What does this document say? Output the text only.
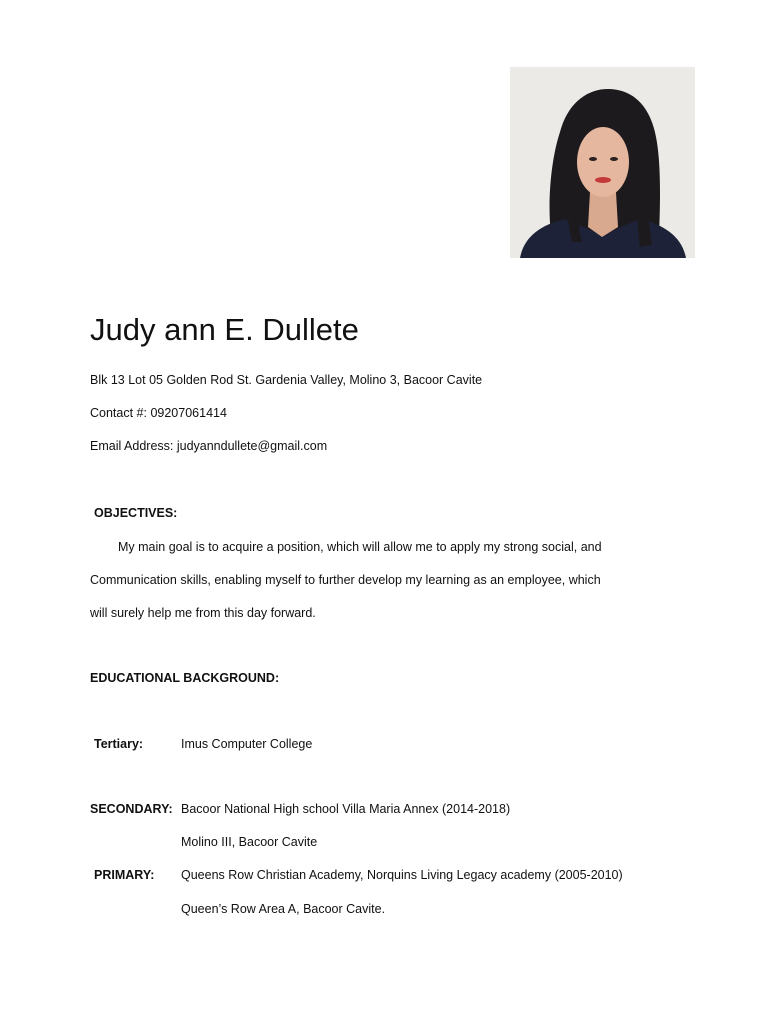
Judy ann E. Dullete
Blk 13 Lot 05 Golden Rod St. Gardenia Valley, Molino 3, Bacoor Cavite
Contact #: 09207061414
Email Address: judyanndullete@gmail.com
OBJECTIVES:
My main goal is to acquire a position, which will allow me to apply my strong social, and
Communication skills, enabling myself to further develop my learning as an employee, which
will surely help me from this day forward.
EDUCATIONAL BACKGROUND:
Tertiary:	Imus Computer College
SECONDARY: Bacoor National High school Villa Maria Annex (2014-2018)
Molino III, Bacoor Cavite
PRIMARY: Queens Row Christian Academy, Norquins Living Legacy academy (2005-2010)
Queen’s Row Area A, Bacoor Cavite.
